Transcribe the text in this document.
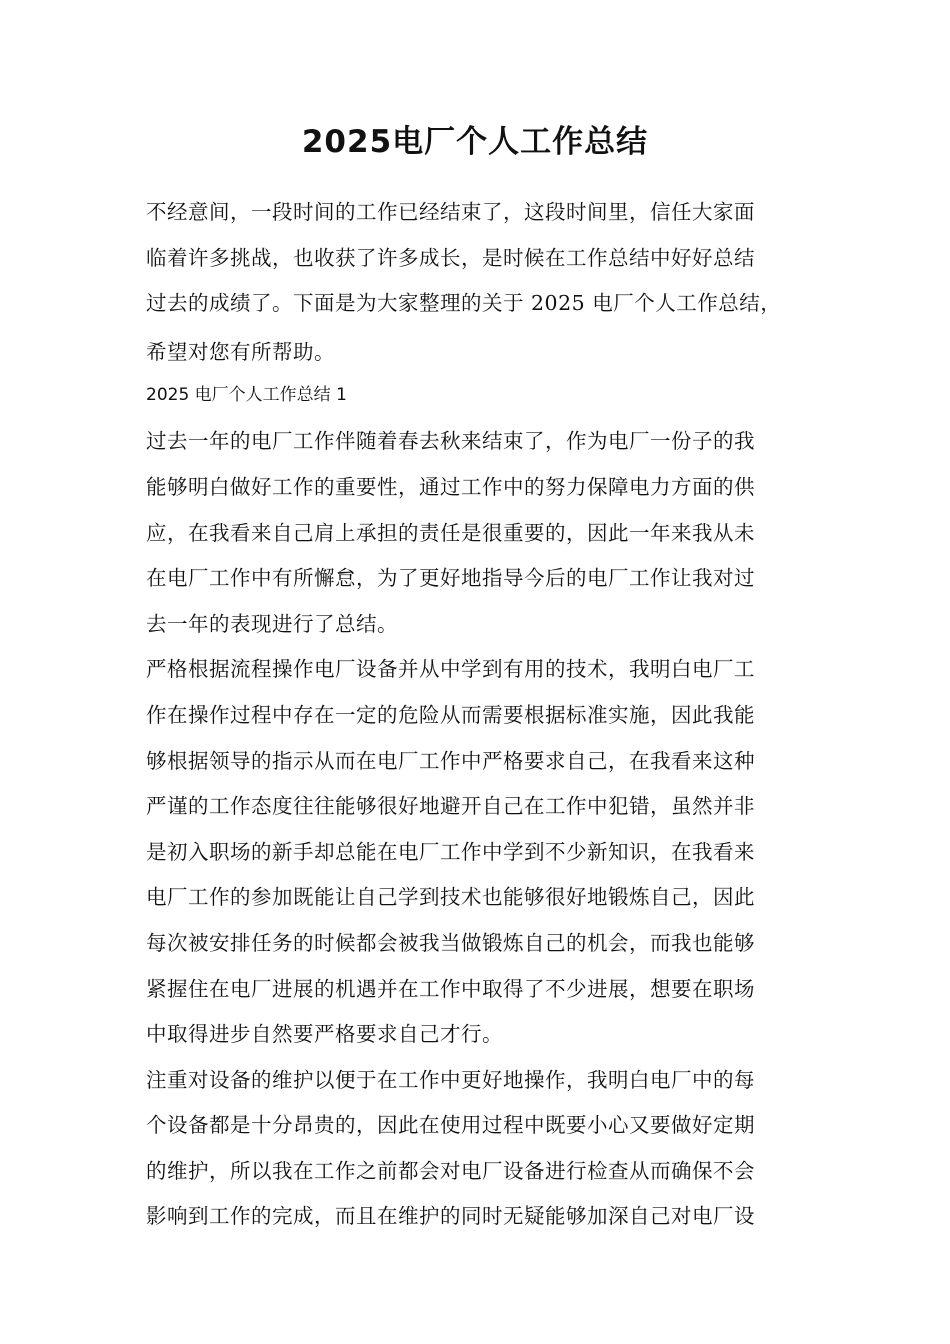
2025电厂个人工作总结

不经意间，一段时间的工作已经结束了，这段时间里，信任大家面
临着许多挑战，也收获了许多成长，是时候在工作总结中好好总结
过去的成绩了。下面是为大家整理的关于 2025 电厂个人工作总结，
希望对您有所帮助。

2025 电厂个人工作总结 1

过去一年的电厂工作伴随着春去秋来结束了，作为电厂一份子的我
能够明白做好工作的重要性，通过工作中的努力保障电力方面的供
应，在我看来自己肩上承担的责任是很重要的，因此一年来我从未
在电厂工作中有所懈怠，为了更好地指导今后的电厂工作让我对过
去一年的表现进行了总结。

严格根据流程操作电厂设备并从中学到有用的技术，我明白电厂工
作在操作过程中存在一定的危险从而需要根据标准实施，因此我能
够根据领导的指示从而在电厂工作中严格要求自己，在我看来这种
严谨的工作态度往往能够很好地避开自己在工作中犯错，虽然并非
是初入职场的新手却总能在电厂工作中学到不少新知识，在我看来
电厂工作的参加既能让自己学到技术也能够很好地锻炼自己，因此
每次被安排任务的时候都会被我当做锻炼自己的机会，而我也能够
紧握住在电厂进展的机遇并在工作中取得了不少进展，想要在职场
中取得进步自然要严格要求自己才行。

注重对设备的维护以便于在工作中更好地操作，我明白电厂中的每
个设备都是十分昂贵的，因此在使用过程中既要小心又要做好定期
的维护，所以我在工作之前都会对电厂设备进行检查从而确保不会
影响到工作的完成，而且在维护的同时无疑能够加深自己对电厂设
